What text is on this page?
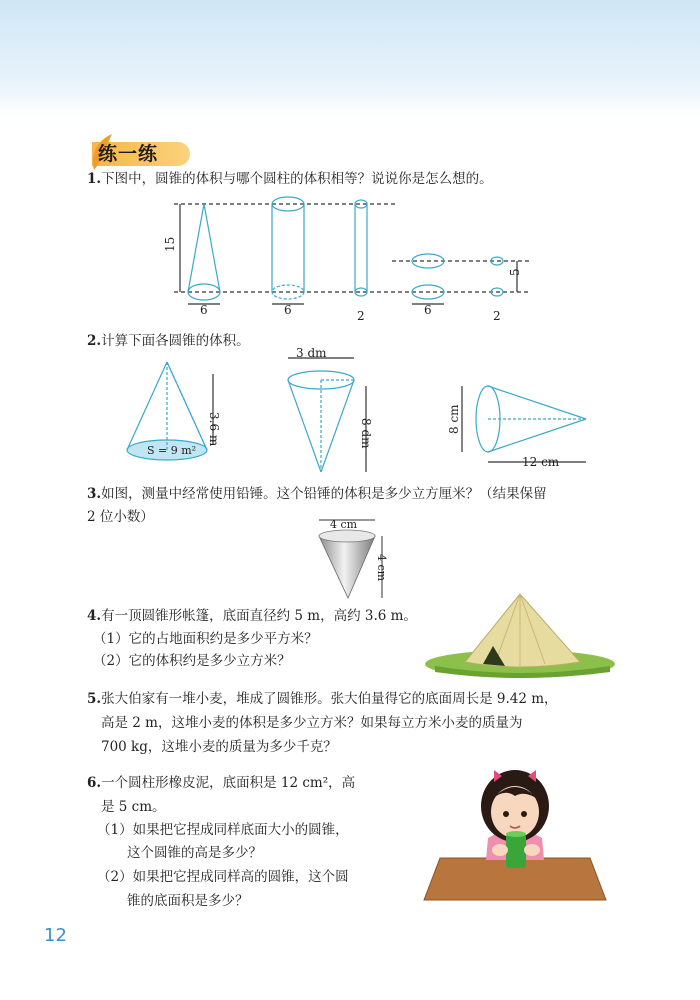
练一练
1.下图中，圆锥的体积与哪个圆柱的体积相等？说说你是怎么想的。
15
5
6	6	2	6	2
2.计算下面各圆锥的体积。
3.6 m
S = 9 m²
3 dm
8 dm	8 cm
12 cm
3.如图，测量中经常使用铅锤。这个铅锤的体积是多少立方厘米？（结果保留
2 位小数）	4 cm
4 cm
4.有一顶圆锥形帐篷，底面直径约 5 m，高约 3.6 m。
（1）它的占地面积约是多少平方米？
（2）它的体积约是多少立方米？
5.张大伯家有一堆小麦，堆成了圆锥形。张大伯量得它的底面周长是 9.42 m，
高是 2 m，这堆小麦的体积是多少立方米？如果每立方米小麦的质量为
700 kg，这堆小麦的质量为多少千克？
6.一个圆柱形橡皮泥，底面积是 12 cm²，高
是 5 cm。
（1）如果把它捏成同样底面大小的圆锥，
这个圆锥的高是多少？
（2）如果把它捏成同样高的圆锥，这个圆
锥的底面积是多少？
12
